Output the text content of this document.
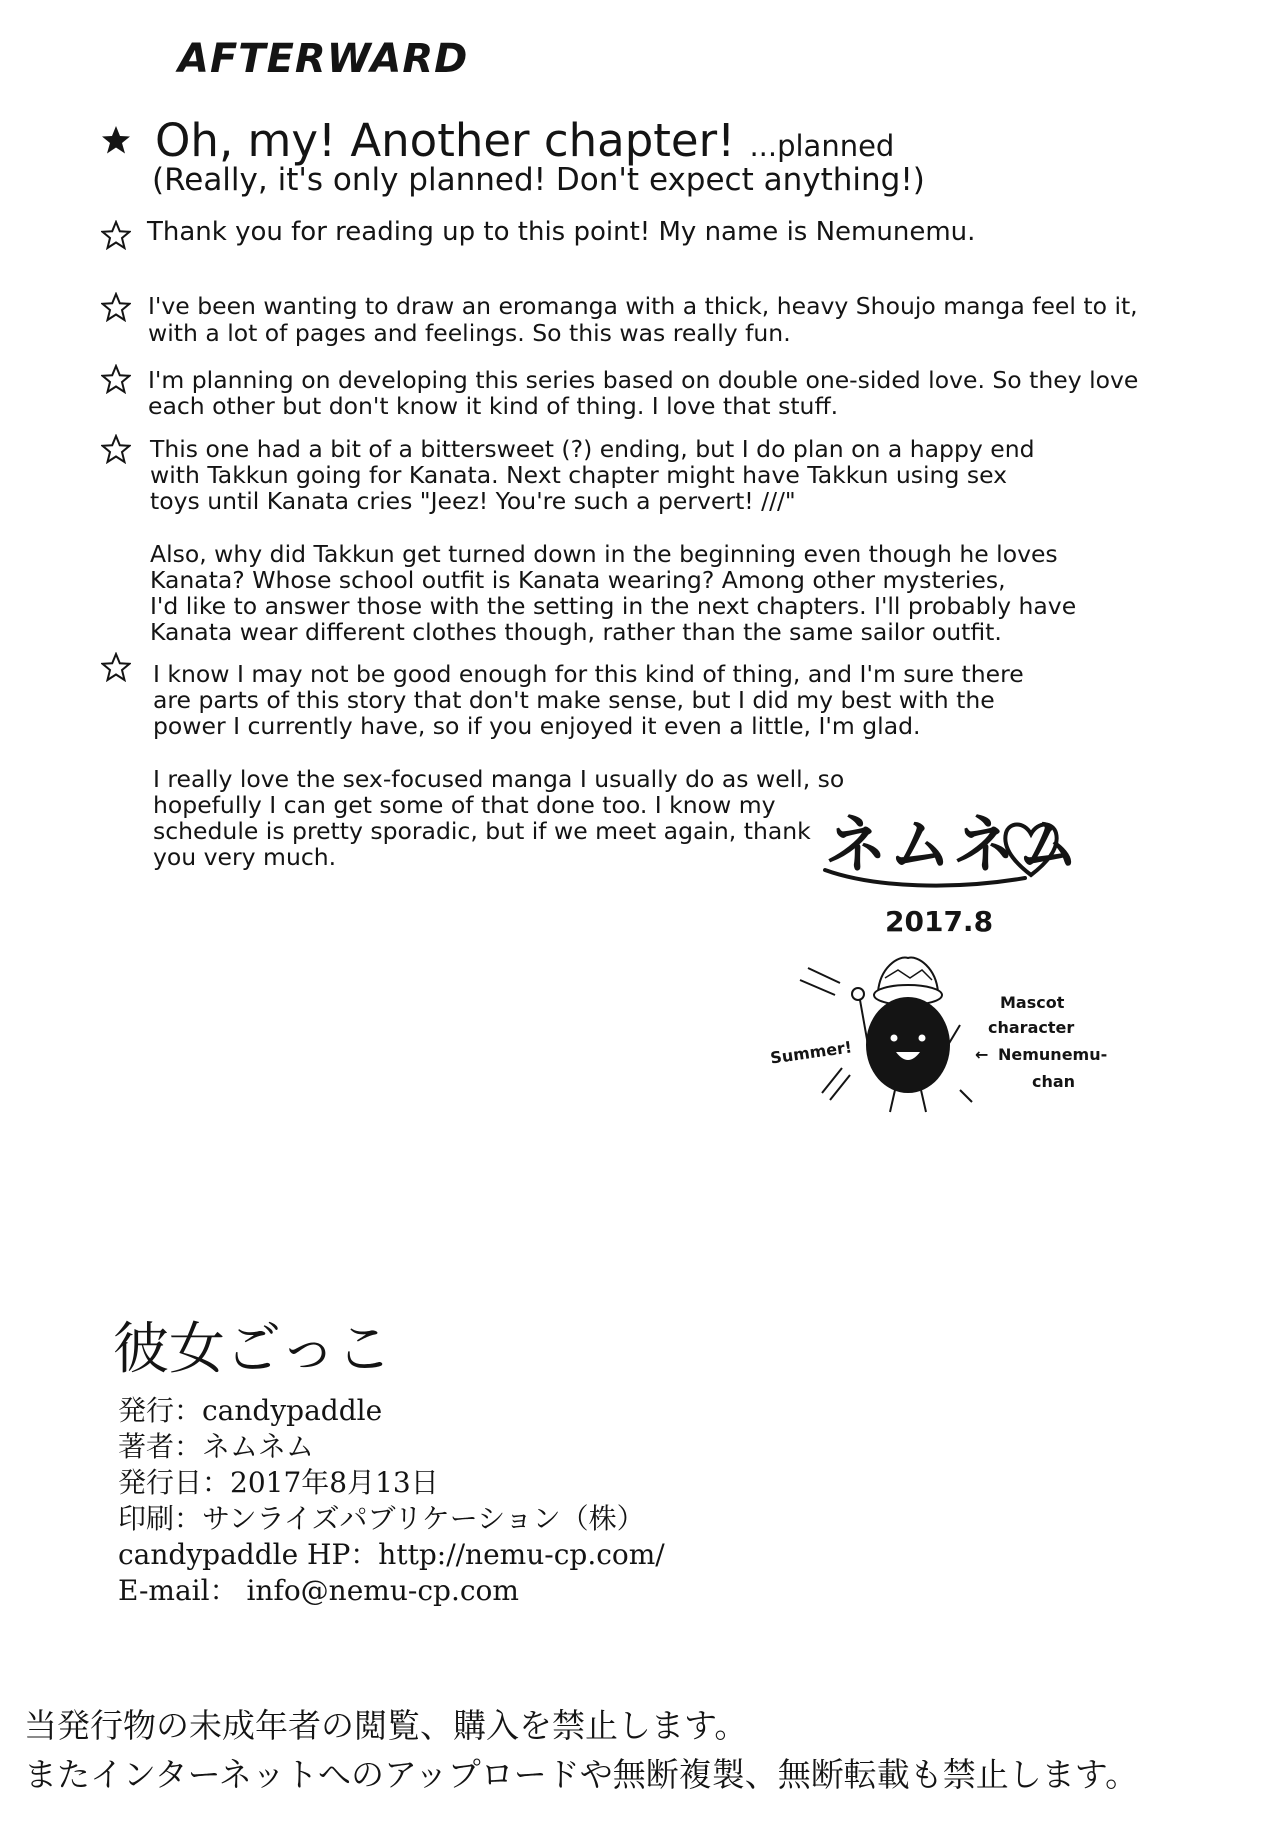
AFTERWARD
Oh, my! Another chapter! ...planned
(Really, it's only planned! Don't expect anything!)
Thank you for reading up to this point! My name is Nemunemu.
I've been wanting to draw an eromanga with a thick, heavy Shoujo manga feel to it,
with a lot of pages and feelings. So this was really fun.
I'm planning on developing this series based on double one-sided love. So they love
each other but don't know it kind of thing. I love that stuff.
This one had a bit of a bittersweet (?) ending, but I do plan on a happy end
with Takkun going for Kanata. Next chapter might have Takkun using sex
toys until Kanata cries "Jeez! You're such a pervert! ///"
Also, why did Takkun get turned down in the beginning even though he loves
Kanata? Whose school outfit is Kanata wearing? Among other mysteries,
I'd like to answer those with the setting in the next chapters. I'll probably have
Kanata wear different clothes though, rather than the same sailor outfit.
I know I may not be good enough for this kind of thing, and I'm sure there
are parts of this story that don't make sense, but I did my best with the
power I currently have, so if you enjoyed it even a little, I'm glad.
I really love the sex-focused manga I usually do as well, so
hopefully I can get some of that done too. I know my
schedule is pretty sporadic, but if we meet again, thank
you very much.	ネムネム
2017.8
Summer!
Mascot
character
← Nemunemu-
chan
彼女ごっこ
発行：candypaddle
著者：ネムネム
発行日：2017年8月13日
印刷：サンライズパブリケーション（株）
candypaddle HP：http://nemu-cp.com/
E-mail： info@nemu-cp.com
当発行物の未成年者の閲覧、購入を禁止します。
またインターネットへのアップロードや無断複製、無断転載も禁止します。
